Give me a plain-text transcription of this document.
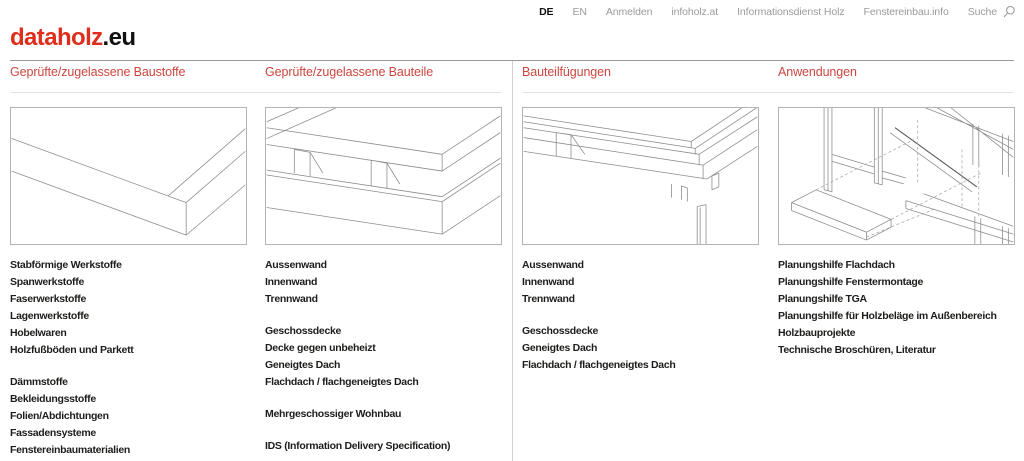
DE EN Anmelden infoholz.at Informationsdienst Holz Fenstereinbau.info Suche
dataholz.eu
Geprüfte/zugelassene Baustoffe
Stabförmige Werkstoffe
Spanwerkstoffe
Faserwerkstoffe
Lagenwerkstoffe
Hobelwaren
Holzfußböden und Parkett
Dämmstoffe
Bekleidungsstoffe
Folien/Abdichtungen
Fassadensysteme
Fenstereinbaumaterialien
Geprüfte/zugelassene Bauteile
Aussenwand
Innenwand
Trennwand
Geschossdecke
Decke gegen unbeheizt
Geneigtes Dach
Flachdach / flachgeneigtes Dach
Mehrgeschossiger Wohnbau
IDS (Information Delivery Specification)
Bauteilfügungen
Aussenwand
Innenwand
Trennwand
Geschossdecke
Geneigtes Dach
Flachdach / flachgeneigtes Dach
Anwendungen
Planungshilfe Flachdach
Planungshilfe Fenstermontage
Planungshilfe TGA
Planungshilfe für Holzbeläge im Außenbereich
Holzbauprojekte
Technische Broschüren, Literatur
